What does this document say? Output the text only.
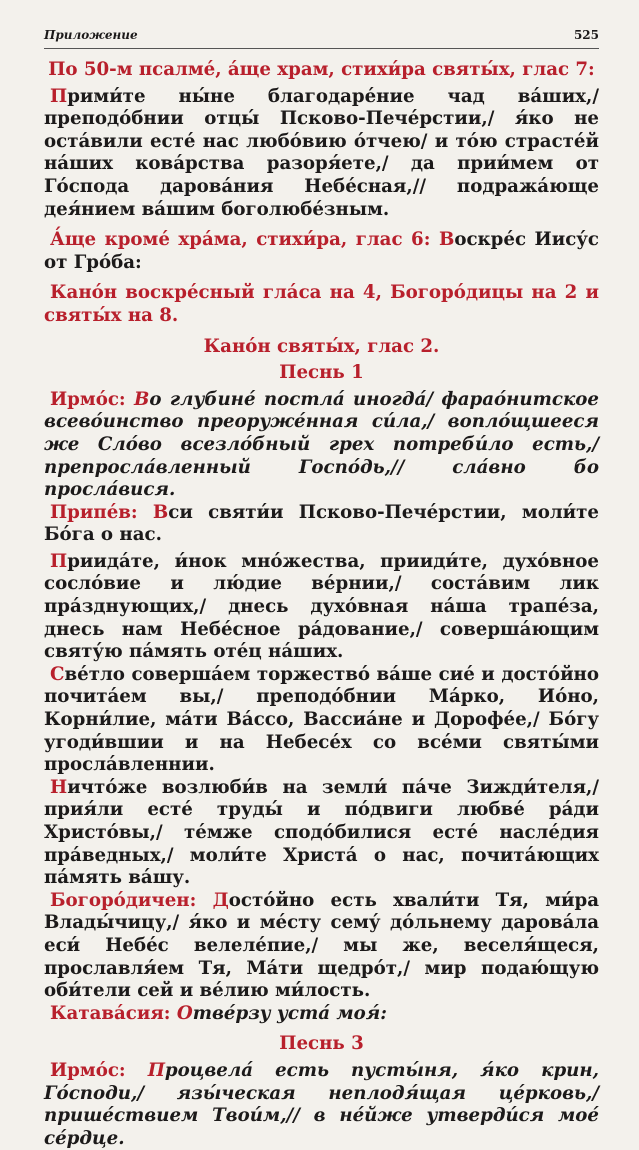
Приложение	525

По 50-м псалме́, а́ще храм, стихи́ра святы́х, глас 7:

Прими́те ны́не благодаре́ние чад ва́ших,/ преподо́бнии отцы́ Псково-Пече́рстии,/ я́ко не оста́вили есте́ нас любо́вию о́тчею/ и то́ю страсте́й на́ших кова́рства разоря́ете,/ да прии́мем от Го́спода дарова́ния Небе́сная,// подража́юще дея́нием ва́шим боголюбе́зным.

А́ще кроме́ хра́ма, стихи́ра, глас 6: Воскре́с Иису́с от Гро́ба:

Кано́н воскре́сный гла́са на 4, Богоро́дицы на 2 и святы́х на 8.

Кано́н святы́х, глас 2.

Песнь 1

Ирмо́с: Во глубине́ постла́ иногда́/ фарао́нитское всево́инство преоруже́нная си́ла,/ вопло́щшееся же Сло́во всезло́бный грех потреби́ло есть,/ препросла́вленный Госпо́дь,// сла́вно бо просла́вися.

Припе́в: Вси святи́и Псково-Пече́рстии, моли́те Бо́га о нас.

Приида́те, и́нок мно́жества, прииди́те, духо́вное сосло́вие и лю́дие ве́рнии,/ соста́вим лик пра́зднующих,/ днесь духо́вная на́ша трапе́за, днесь нам Небе́сное ра́дование,/ соверша́ющим святу́ю па́мять оте́ц на́ших.

Све́тло соверша́ем торжество́ ва́ше сие́ и досто́йно почита́ем вы,/ преподо́бнии Ма́рко, Ио́но, Корни́лие, ма́ти Ва́ссо, Вассиа́не и Дорофе́е,/ Бо́гу угоди́вшии и на Небесе́х со все́ми святы́ми просла́вленнии.

Ничто́же возлюби́в на земли́ па́че Зижди́теля,/ прия́ли есте́ труды́ и по́двиги любве́ ра́ди Христо́вы,/ те́мже сподо́билися есте́ насле́дия пра́ведных,/ моли́те Христа́ о нас, почита́ющих па́мять ва́шу.

Богоро́дичен: Досто́йно есть хвали́ти Тя, ми́ра Влады́чицу,/ я́ко и ме́сту сему́ до́льнему дарова́ла еси́ Небе́с велеле́пие,/ мы же, веселя́щеся, прославля́ем Тя, Ма́ти щедро́т,/ мир подаю́щую оби́тели сей и ве́лию ми́лость.

Катава́сия: Отве́рзу уста́ моя́:

Песнь 3

Ирмо́с: Процвела́ есть пусты́ня, я́ко крин, Го́споди,/ язы́ческая неплодя́щая це́рковь,/ прише́ствием Твои́м,// в не́йже утверди́ся мое́ се́рдце.
